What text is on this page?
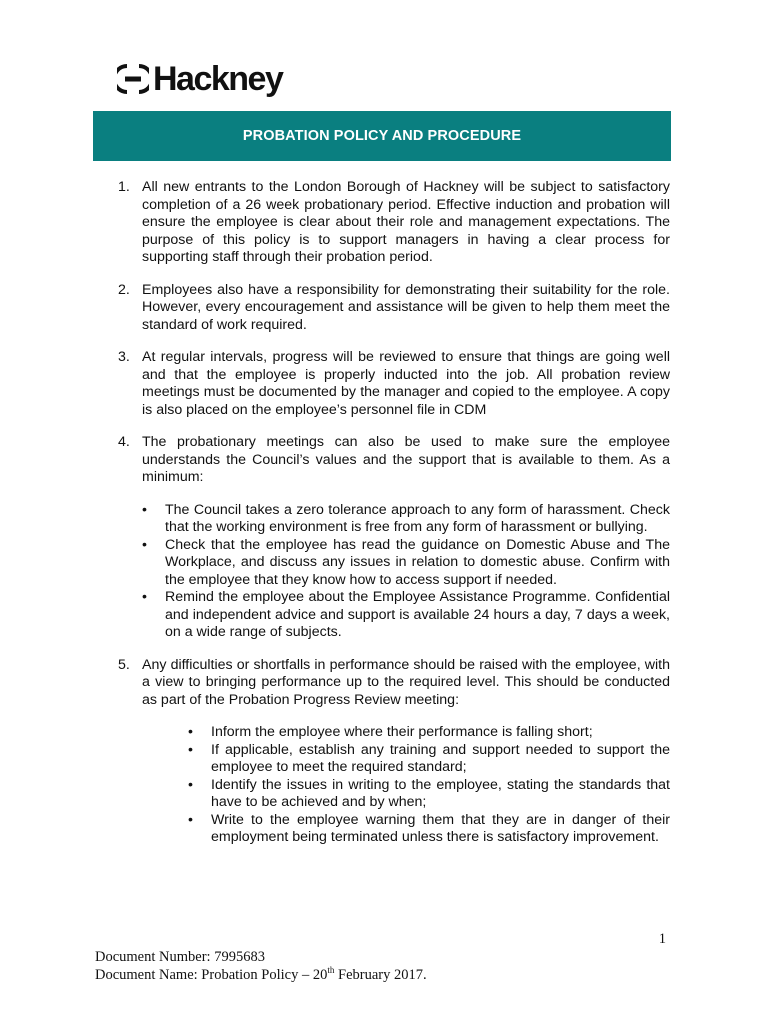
Hackney
PROBATION POLICY AND PROCEDURE
1. All new entrants to the London Borough of Hackney will be subject to satisfactory completion of a 26 week probationary period. Effective induction and probation will ensure the employee is clear about their role and management expectations. The purpose of this policy is to support managers in having a clear process for supporting staff through their probation period.
2. Employees also have a responsibility for demonstrating their suitability for the role. However, every encouragement and assistance will be given to help them meet the standard of work required.
3. At regular intervals, progress will be reviewed to ensure that things are going well and that the employee is properly inducted into the job. All probation review meetings must be documented by the manager and copied to the employee. A copy is also placed on the employee’s personnel file in CDM
4. The probationary meetings can also be used to make sure the employee understands the Council’s values and the support that is available to them. As a minimum:
• The Council takes a zero tolerance approach to any form of harassment. Check that the working environment is free from any form of harassment or bullying.
• Check that the employee has read the guidance on Domestic Abuse and The Workplace, and discuss any issues in relation to domestic abuse. Confirm with the employee that they know how to access support if needed.
• Remind the employee about the Employee Assistance Programme. Confidential and independent advice and support is available 24 hours a day, 7 days a week, on a wide range of subjects.
5. Any difficulties or shortfalls in performance should be raised with the employee, with a view to bringing performance up to the required level. This should be conducted as part of the Probation Progress Review meeting:
• Inform the employee where their performance is falling short;
• If applicable, establish any training and support needed to support the employee to meet the required standard;
• Identify the issues in writing to the employee, stating the standards that have to be achieved and by when;
• Write to the employee warning them that they are in danger of their employment being terminated unless there is satisfactory improvement.
1
Document Number: 7995683
Document Name: Probation Policy – 20th February 2017.
